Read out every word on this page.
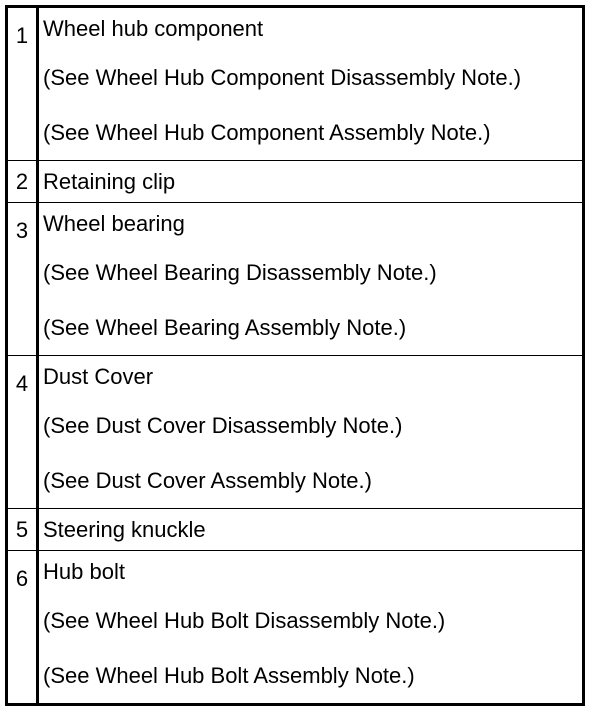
1	Wheel hub component
(See Wheel Hub Component Disassembly Note.)
(See Wheel Hub Component Assembly Note.)

2	Retaining clip

3	Wheel bearing
(See Wheel Bearing Disassembly Note.)
(See Wheel Bearing Assembly Note.)

4	Dust Cover
(See Dust Cover Disassembly Note.)
(See Dust Cover Assembly Note.)

5	Steering knuckle

6	Hub bolt
(See Wheel Hub Bolt Disassembly Note.)
(See Wheel Hub Bolt Assembly Note.)
